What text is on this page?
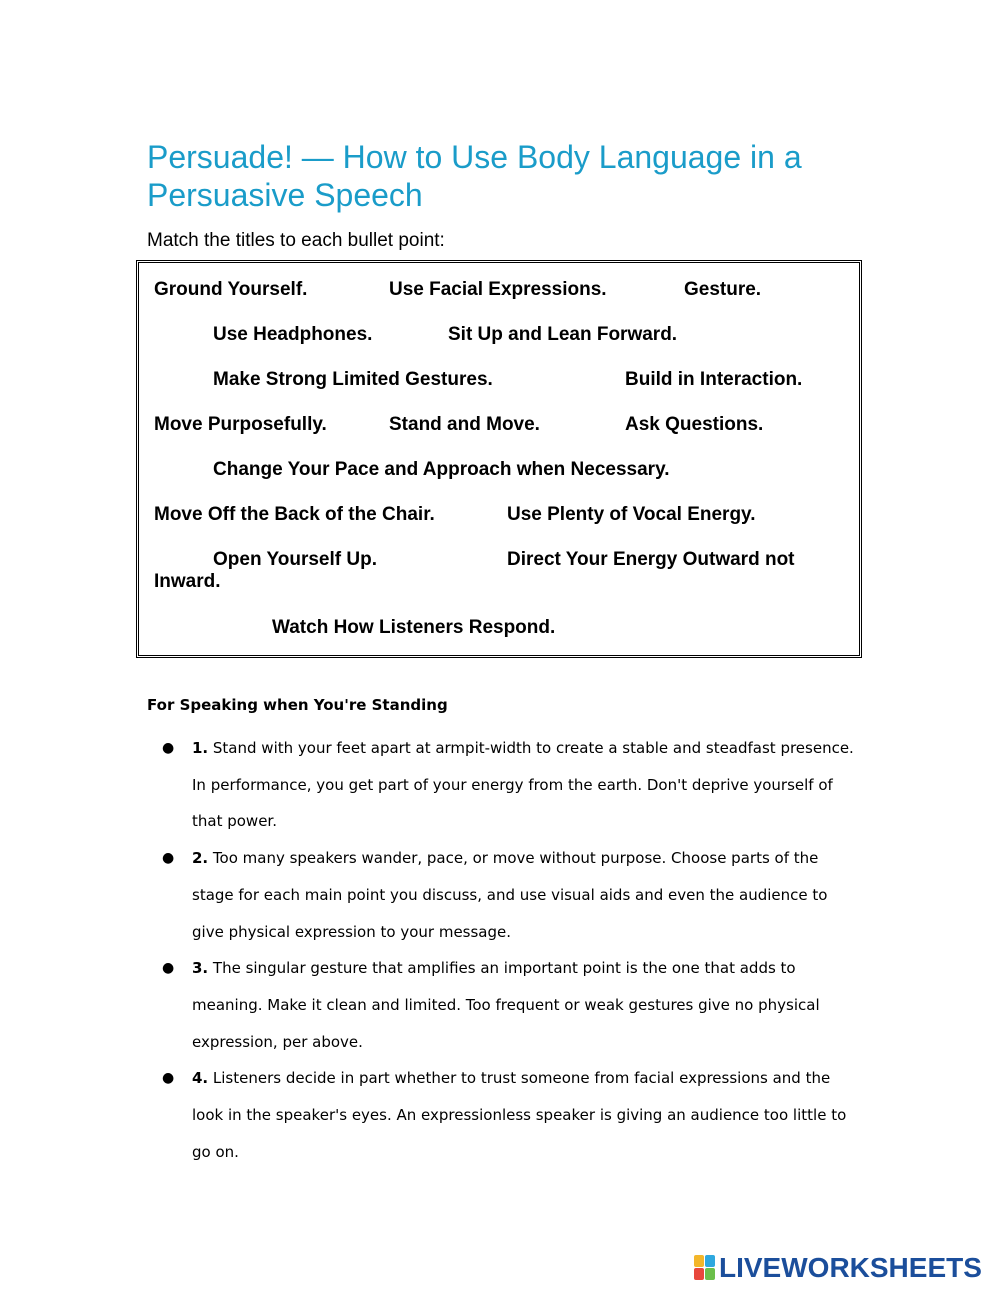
Persuade! — How to Use Body Language in a Persuasive Speech
Match the titles to each bullet point:
Ground Yourself.	Use Facial Expressions.	Gesture.
Use Headphones.	Sit Up and Lean Forward.
Make Strong Limited Gestures.	Build in Interaction.
Move Purposefully.	Stand and Move.	Ask Questions.
Change Your Pace and Approach when Necessary.
Move Off the Back of the Chair.	Use Plenty of Vocal Energy.
Open Yourself Up.	Direct Your Energy Outward not
Inward.
Watch How Listeners Respond.
For Speaking when You're Standing
● 1. Stand with your feet apart at armpit-width to create a stable and steadfast presence. In performance, you get part of your energy from the earth. Don't deprive yourself of that power.
● 2. Too many speakers wander, pace, or move without purpose. Choose parts of the stage for each main point you discuss, and use visual aids and even the audience to give physical expression to your message.
● 3. The singular gesture that amplifies an important point is the one that adds to meaning. Make it clean and limited. Too frequent or weak gestures give no physical expression, per above.
● 4. Listeners decide in part whether to trust someone from facial expressions and the look in the speaker's eyes. An expressionless speaker is giving an audience too little to go on.
LIVEWORKSHEETS
